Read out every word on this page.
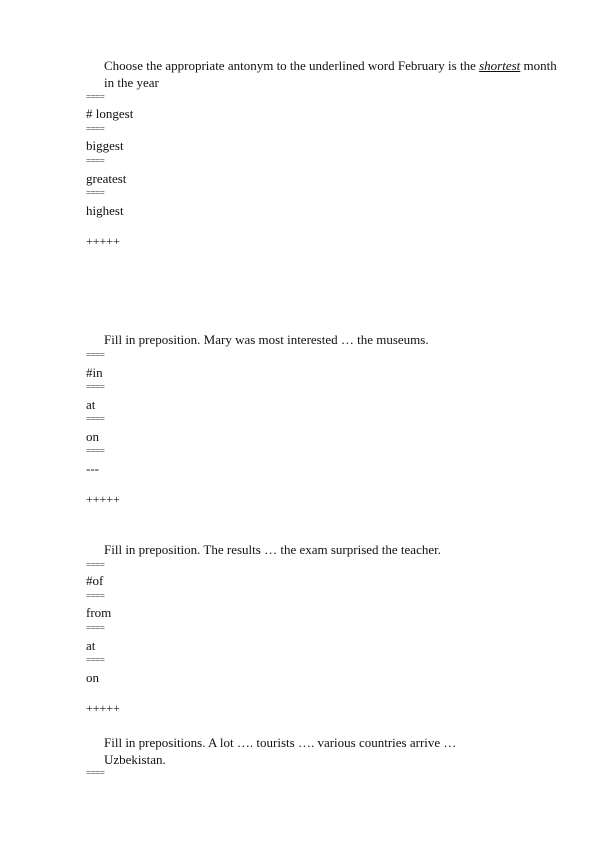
Choose the appropriate antonym to the underlined word February is the shortest month in the year
====
# longest
====
biggest
====
greatest
====
highest
+++++
Fill in preposition. Mary was most interested … the museums.
====
#in
====
at
====
on
====
---
+++++
Fill in preposition. The results … the exam surprised the teacher.
====
#of
====
from
====
at
====
on
+++++
Fill in prepositions. A lot …. tourists …. various countries arrive … Uzbekistan.
====
